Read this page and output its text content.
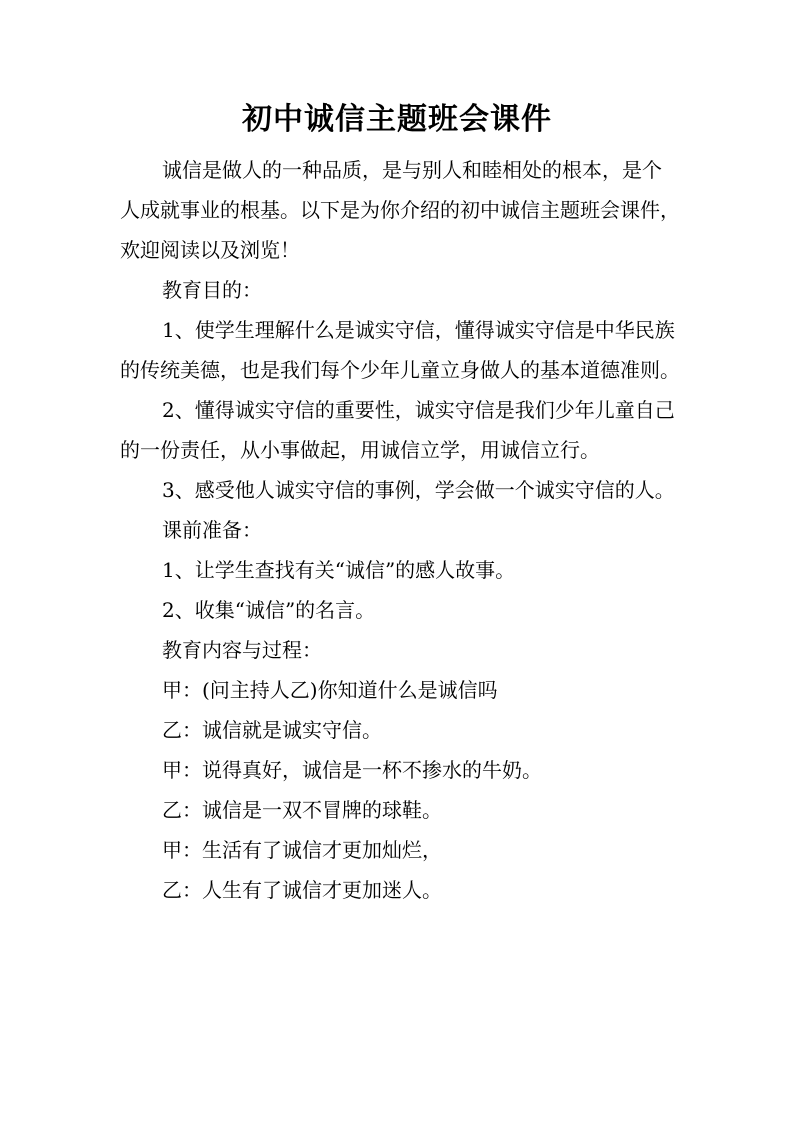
初中诚信主题班会课件

诚信是做人的一种品质，是与别人和睦相处的根本，是个人成就事业的根基。以下是为你介绍的初中诚信主题班会课件，欢迎阅读以及浏览！

教育目的：

1、使学生理解什么是诚实守信，懂得诚实守信是中华民族的传统美德，也是我们每个少年儿童立身做人的基本道德准则。

2、懂得诚实守信的重要性，诚实守信是我们少年儿童自己的一份责任，从小事做起，用诚信立学，用诚信立行。

3、感受他人诚实守信的事例，学会做一个诚实守信的人。

课前准备：

1、让学生查找有关“诚信”的感人故事。

2、收集“诚信”的名言。

教育内容与过程：

甲：(问主持人乙)你知道什么是诚信吗

乙：诚信就是诚实守信。

甲：说得真好，诚信是一杯不掺水的牛奶。

乙：诚信是一双不冒牌的球鞋。

甲：生活有了诚信才更加灿烂，

乙：人生有了诚信才更加迷人。
